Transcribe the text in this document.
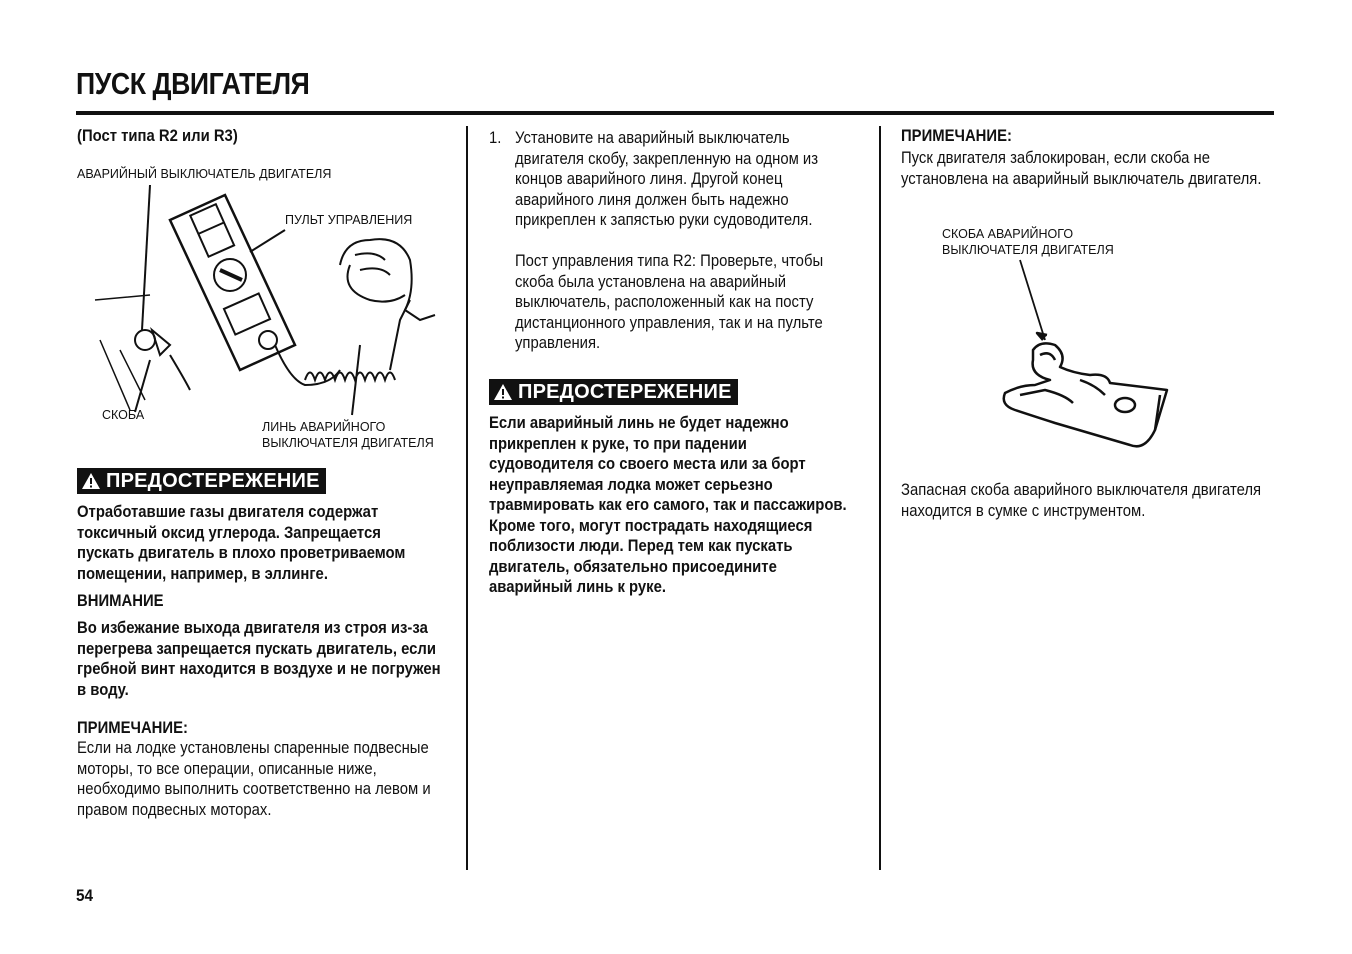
ПУСК ДВИГАТЕЛЯ
(Пост типа R2 или R3)
АВАРИЙНЫЙ ВЫКЛЮЧАТЕЛЬ ДВИГАТЕЛЯ
ПУЛЬТ УПРАВЛЕНИЯ
СКОБА
ЛИНЬ АВАРИЙНОГО
ВЫКЛЮЧАТЕЛЯ ДВИГАТЕЛЯ
ПРЕДОСТЕРЕЖЕНИЕ
Отработавшие газы двигателя содержат токсичный оксид углерода. Запрещается пускать двигатель в плохо проветриваемом помещении, например, в эллинге.
ВНИМАНИЕ
Во избежание выхода двигателя из строя из-за перегрева запрещается пускать двигатель, если гребной винт находится в воздухе и не погружен в воду.
ПРИМЕЧАНИЕ:
Если на лодке установлены спаренные подвесные моторы, то все операции, описанные ниже, необходимо выполнить соответственно на левом и правом подвесных моторах.
54
1. Установите на аварийный выключатель двигателя скобу, закрепленную на одном из концов аварийного линя. Другой конец аварийного линя должен быть надежно прикреплен к запястью руки судоводителя.
Пост управления типа R2: Проверьте, чтобы скоба была установлена на аварийный выключатель, расположенный как на посту дистанционного управления, так и на пульте управления.
ПРЕДОСТЕРЕЖЕНИЕ
Если аварийный линь не будет надежно прикреплен к руке, то при падении судоводителя со своего места или за борт неуправляемая лодка может серьезно травмировать как его самого, так и пассажиров. Кроме того, могут пострадать находящиеся поблизости люди. Перед тем как пускать двигатель, обязательно присоедините аварийный линь к руке.
ПРИМЕЧАНИЕ:
Пуск двигателя заблокирован, если скоба не установлена на аварийный выключатель двигателя.
СКОБА АВАРИЙНОГО
ВЫКЛЮЧАТЕЛЯ ДВИГАТЕЛЯ
Запасная скоба аварийного выключателя двигателя находится в сумке с инструментом.
